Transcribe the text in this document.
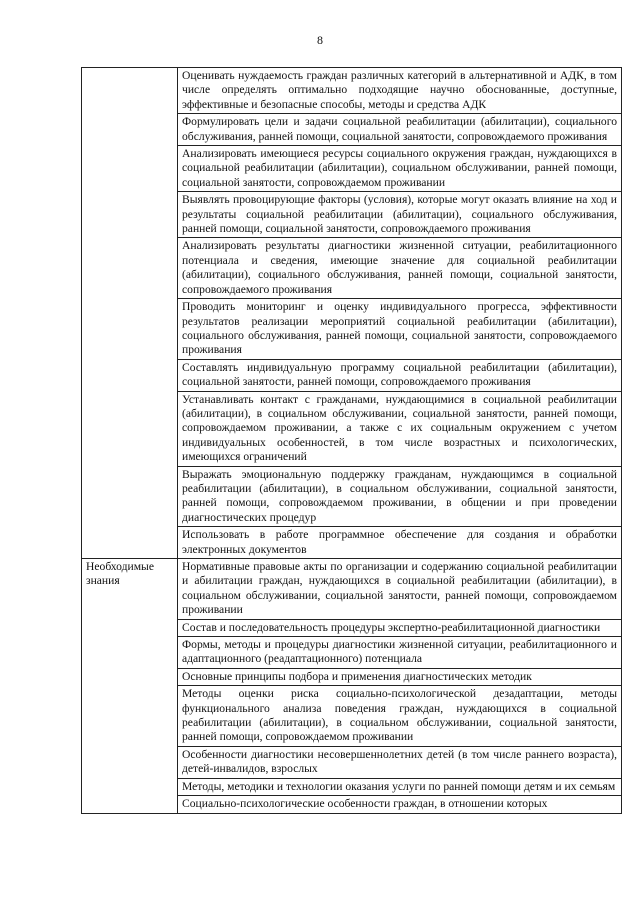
8
	Оценивать нуждаемость граждан различных категорий в альтернативной и АДК, в том числе определять оптимально подходящие научно обоснованные, доступные, эффективные и безопасные способы, методы и средства АДК
	Формулировать цели и задачи социальной реабилитации (абилитации), социального обслуживания, ранней помощи, социальной занятости, сопровождаемого проживания
	Анализировать имеющиеся ресурсы социального окружения граждан, нуждающихся в социальной реабилитации (абилитации), социальном обслуживании, ранней помощи, социальной занятости, сопровождаемом проживании
	Выявлять провоцирующие факторы (условия), которые могут оказать влияние на ход и результаты социальной реабилитации (абилитации), социального обслуживания, ранней помощи, социальной занятости, сопровождаемого проживания
	Анализировать результаты диагностики жизненной ситуации, реабилитационного потенциала и сведения, имеющие значение для социальной реабилитации (абилитации), социального обслуживания, ранней помощи, социальной занятости, сопровождаемого проживания
	Проводить мониторинг и оценку индивидуального прогресса, эффективности результатов реализации мероприятий социальной реабилитации (абилитации), социального обслуживания, ранней помощи, социальной занятости, сопровождаемого проживания
	Составлять индивидуальную программу социальной реабилитации (абилитации), социальной занятости, ранней помощи, сопровождаемого проживания
	Устанавливать контакт с гражданами, нуждающимися в социальной реабилитации (абилитации), в социальном обслуживании, социальной занятости, ранней помощи, сопровождаемом проживании, а также с их социальным окружением с учетом индивидуальных особенностей, в том числе возрастных и психологических, имеющихся ограничений
	Выражать эмоциональную поддержку гражданам, нуждающимся в социальной реабилитации (абилитации), в социальном обслуживании, социальной занятости, ранней помощи, сопровождаемом проживании, в общении и при проведении диагностических процедур
	Использовать в работе программное обеспечение для создания и обработки электронных документов
Необходимые знания	Нормативные правовые акты по организации и содержанию социальной реабилитации и абилитации граждан, нуждающихся в социальной реабилитации (абилитации), в социальном обслуживании, социальной занятости, ранней помощи, сопровождаемом проживании
	Состав и последовательность процедуры экспертно-реабилитационной диагностики
	Формы, методы и процедуры диагностики жизненной ситуации, реабилитационного и адаптационного (реадаптационного) потенциала
	Основные принципы подбора и применения диагностических методик
	Методы оценки риска социально-психологической дезадаптации, методы функционального анализа поведения граждан, нуждающихся в социальной реабилитации (абилитации), в социальном обслуживании, социальной занятости, ранней помощи, сопровождаемом проживании
	Особенности диагностики несовершеннолетних детей (в том числе раннего возраста), детей-инвалидов, взрослых
	Методы, методики и технологии оказания услуги по ранней помощи детям и их семьям
	Социально-психологические особенности граждан, в отношении которых
